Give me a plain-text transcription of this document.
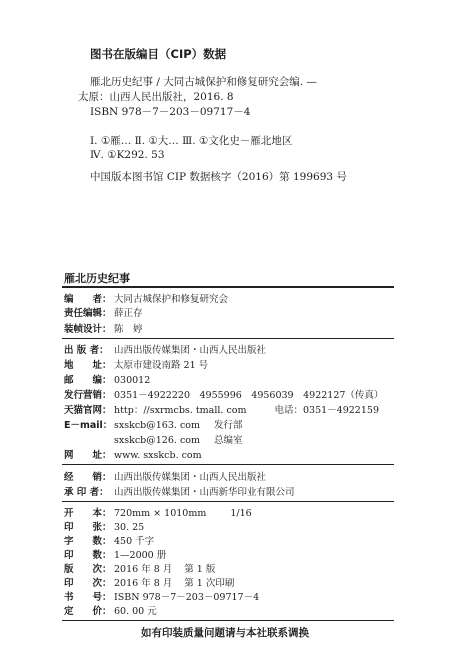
图书在版编目（CIP）数据
雁北历史纪事 / 大同古城保护和修复研究会编. —
太原：山西人民出版社，2016. 8
ISBN 978－7－203－09717－4
Ⅰ. ①雁… Ⅱ. ①大… Ⅲ. ①文化史－雁北地区
Ⅳ. ①K292. 53
中国版本图书馆 CIP 数据核字（2016）第 199693 号
雁北历史纪事
编　　者： 大同古城保护和修复研究会
责任编辑： 薛正存
装帧设计： 陈　婷
出 版 者： 山西出版传媒集团・山西人民出版社
地　　址： 太原市建设南路 21 号
邮　　编： 030012
发行营销： 0351－4922220　4955996　4956039　4922127（传真）
天猫官网： http：//sxrmcbs. tmall. com	电话：0351－4922159
E－mail： sxskcb@163. com 发行部
sxskcb@126. com 总编室
网　　址： www. sxskcb. com
经　　销： 山西出版传媒集团・山西人民出版社
承 印 者： 山西出版传媒集团・山西新华印业有限公司
开　　本： 720mm × 1010mm	1/16
印　　张： 30. 25
字　　数： 450 千字
印　　数： 1—2000 册
版　　次： 2016 年 8 月 第 1 版
印　　次： 2016 年 8 月 第 1 次印刷
书　　号： ISBN 978－7－203－09717－4
定　　价： 60. 00 元
如有印装质量问题请与本社联系调换
